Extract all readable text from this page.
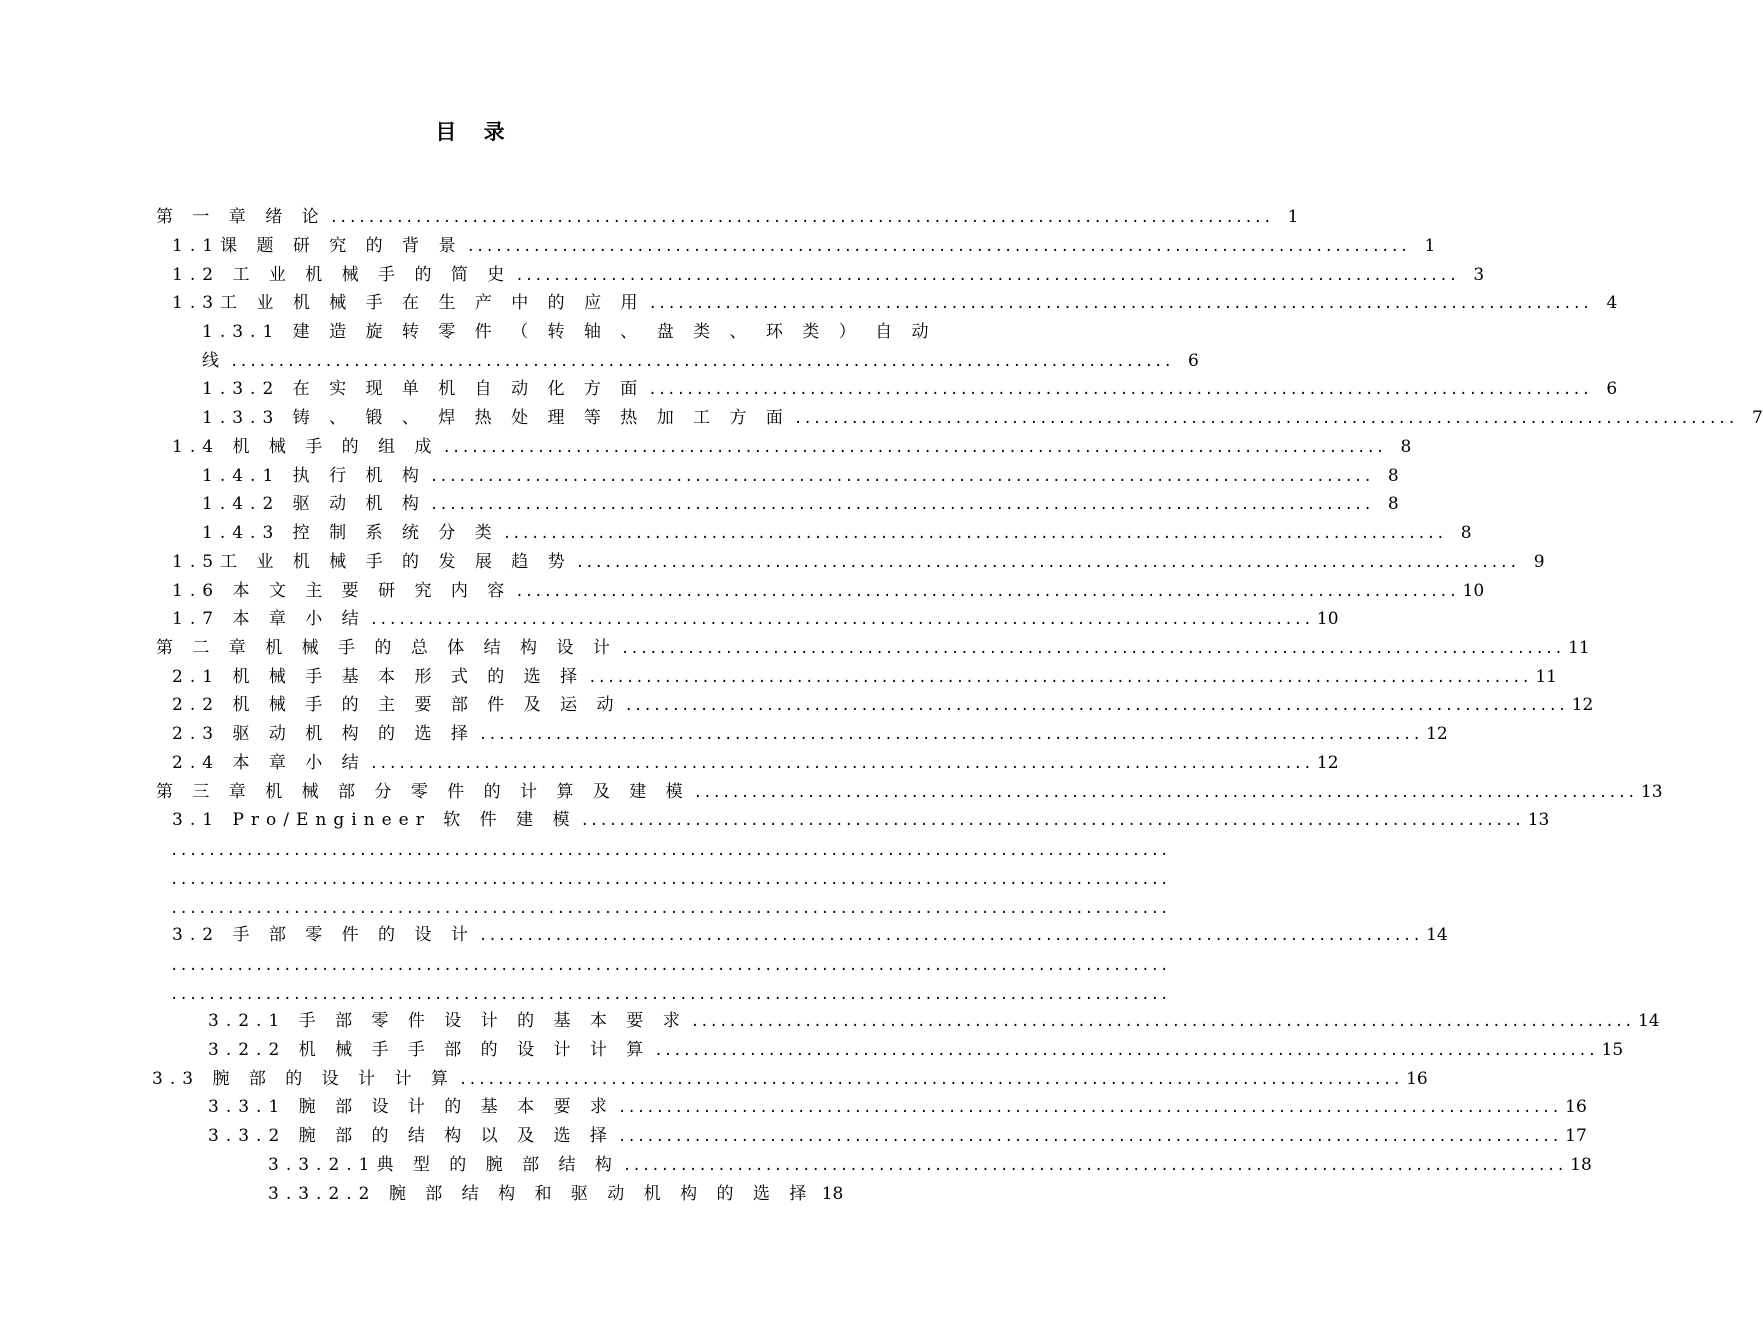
目 录
第 一 章 绪 论 .................................................................................................... 1
1.1课 题 研 究 的 背 景 .................................................................................................... 1
1.2 工 业 机 械 手 的 简 史 .................................................................................................... 3
1.3工 业 机 械 手 在 生 产 中 的 应 用 .................................................................................................... 4
1.3.1 建 造 旋 转 零 件 （ 转 轴 、 盘 类 、 环 类 ） 自 动
线 .................................................................................................... 6
1.3.2 在 实 现 单 机 自 动 化 方 面 .................................................................................................... 6
1.3.3 铸 、 锻 、 焊 热 处 理 等 热 加 工 方 面 .................................................................................................... 7
1.4 机 械 手 的 组 成 .................................................................................................... 8
1.4.1 执 行 机 构 .................................................................................................... 8
1.4.2 驱 动 机 构 .................................................................................................... 8
1.4.3 控 制 系 统 分 类 .................................................................................................... 8
1.5工 业 机 械 手 的 发 展 趋 势 .................................................................................................... 9
1.6 本 文 主 要 研 究 内 容 .................................................................................................... 10
1.7 本 章 小 结 .................................................................................................... 10
第 二 章 机 械 手 的 总 体 结 构 设 计 .................................................................................................... 11
2.1 机 械 手 基 本 形 式 的 选 择 .................................................................................................... 11
2.2 机 械 手 的 主 要 部 件 及 运 动 .................................................................................................... 12
2.3 驱 动 机 构 的 选 择 .................................................................................................... 12
2.4 本 章 小 结 .................................................................................................... 12
第 三 章 机 械 部 分 零 件 的 计 算 及 建 模 .................................................................................................... 13
3.1 Pro/Engineer 软 件 建 模 .................................................................................................... 13
..........................................................................................................
..........................................................................................................
..........................................................................................................
3.2 手 部 零 件 的 设 计 .................................................................................................... 14
..........................................................................................................
..........................................................................................................
3.2.1 手 部 零 件 设 计 的 基 本 要 求 .................................................................................................... 14
3.2.2 机 械 手 手 部 的 设 计 计 算 .................................................................................................... 15
3.3 腕 部 的 设 计 计 算 .................................................................................................... 16
3.3.1 腕 部 设 计 的 基 本 要 求 .................................................................................................... 16
3.3.2 腕 部 的 结 构 以 及 选 择 .................................................................................................... 17
3.3.2.1典 型 的 腕 部 结 构 .................................................................................................... 18
3.3.2.2 腕 部 结 构 和 驱 动 机 构 的 选 择 18
